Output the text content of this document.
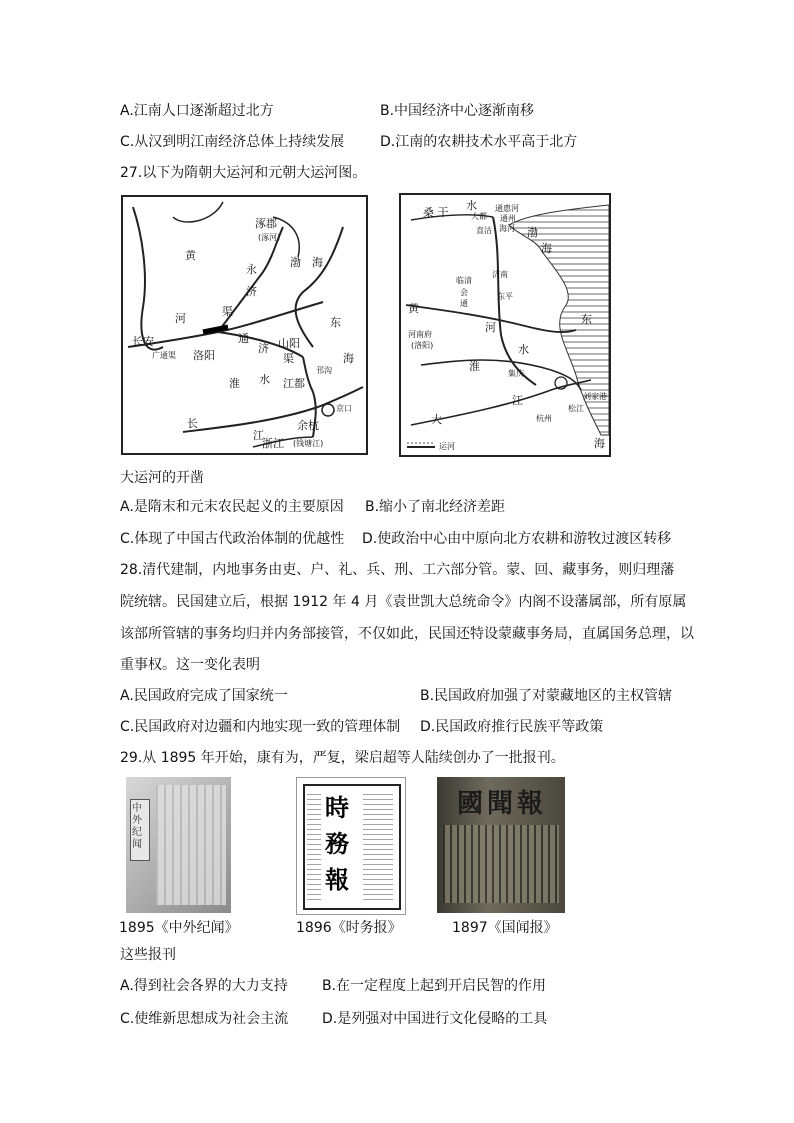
A.江南人口逐渐超过北方	B.中国经济中心逐渐南移
C.从汉到明江南经济总体上持续发展	D.江南的农耕技术水平高于北方
27.以下为隋朝大运河和元朝大运河图。
涿郡
(涿河)
黄
永
济
渠
渤 海
河
长安
广通渠
通
济
洛阳
山阳
渠
东
海
淮 水 江都
邗沟
京口
长
江
余杭
浙江 (钱塘江)
桑 干
水
大都
通惠河
通州
海河
直沽	渤
海
济南
临清
会	东平
通
黄
河南府
(洛阳)
河
东
淮
水
集庆
江	刘家港
松江
杭州
大
海
运河
大运河的开凿
A.是隋末和元末农民起义的主要原因 B.缩小了南北经济差距
C.体现了中国古代政治体制的优越性 D.使政治中心由中原向北方农耕和游牧过渡区转移
28.清代建制，内地事务由吏、户、礼、兵、刑、工六部分管。蒙、回、藏事务，则归理藩
院统辖。民国建立后，根据 1912 年 4 月《袁世凯大总统命令》内阁不设藩属部，所有原属
该部所管辖的事务均归并内务部接管，不仅如此，民国还特设蒙藏事务局，直属国务总理，以
重事权。这一变化表明
A.民国政府完成了国家统一	B.民国政府加强了对蒙藏地区的主权管辖
C.民国政府对边疆和内地实现一致的管理体制 D.民国政府推行民族平等政策
29.从 1895 年开始，康有为，严复，梁启超等人陆续创办了一批报刊。
中外纪闻
時務報
國聞報
1895《中外纪闻》	1896《时务报》	1897《国闻报》
这些报刊
A.得到社会各界的大力支持 B.在一定程度上起到开启民智的作用
C.使维新思想成为社会主流 D.是列强对中国进行文化侵略的工具
